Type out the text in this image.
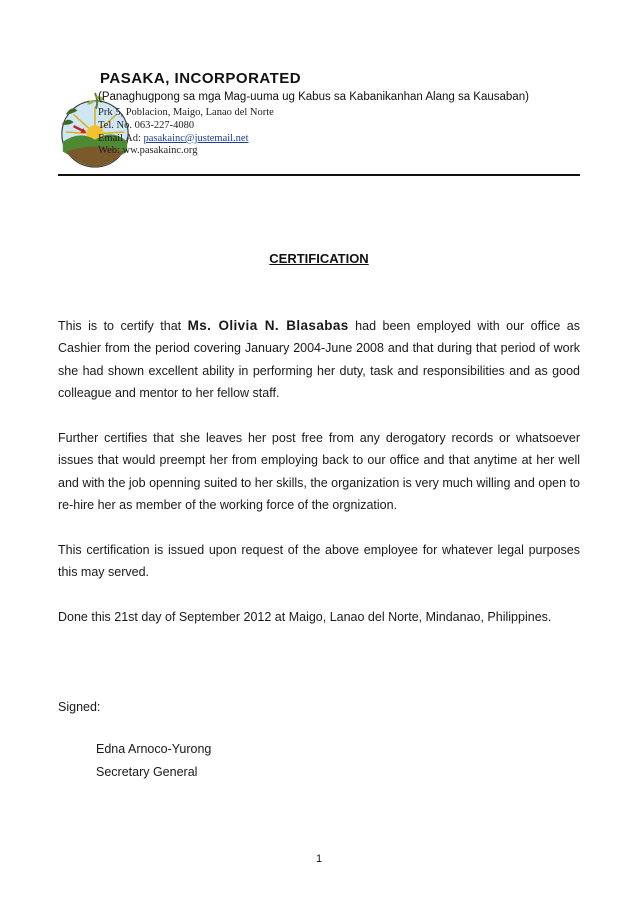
PASAKA, INCORPORATED
(Panaghugpong sa mga Mag-uuma ug Kabus sa Kabanikanhan Alang sa Kausaban)
Prk 5, Poblacion, Maigo, Lanao del Norte
Tel. No. 063-227-4080
Email Ad: pasakainc@justemail.net
Web: ww.pasakainc.org
CERTIFICATION
This is to certify that Ms. Olivia N. Blasabas had been employed with our office as Cashier from the period covering January 2004-June 2008 and that during that period of work she had shown excellent ability in performing her duty, task and responsibilities and as good colleague and mentor to her fellow staff.
Further certifies that she leaves her post free from any derogatory records or whatsoever issues that would preempt her from employing back to our office and that anytime at her well and with the job openning suited to her skills, the organization is very much willing and open to re-hire her as member of the working force of the orgnization.
This certification is issued upon request of the above employee for whatever legal purposes this may served.
Done this 21st day of September 2012 at Maigo, Lanao del Norte, Mindanao, Philippines.
Signed:
Edna Arnoco-Yurong
Secretary General
1
